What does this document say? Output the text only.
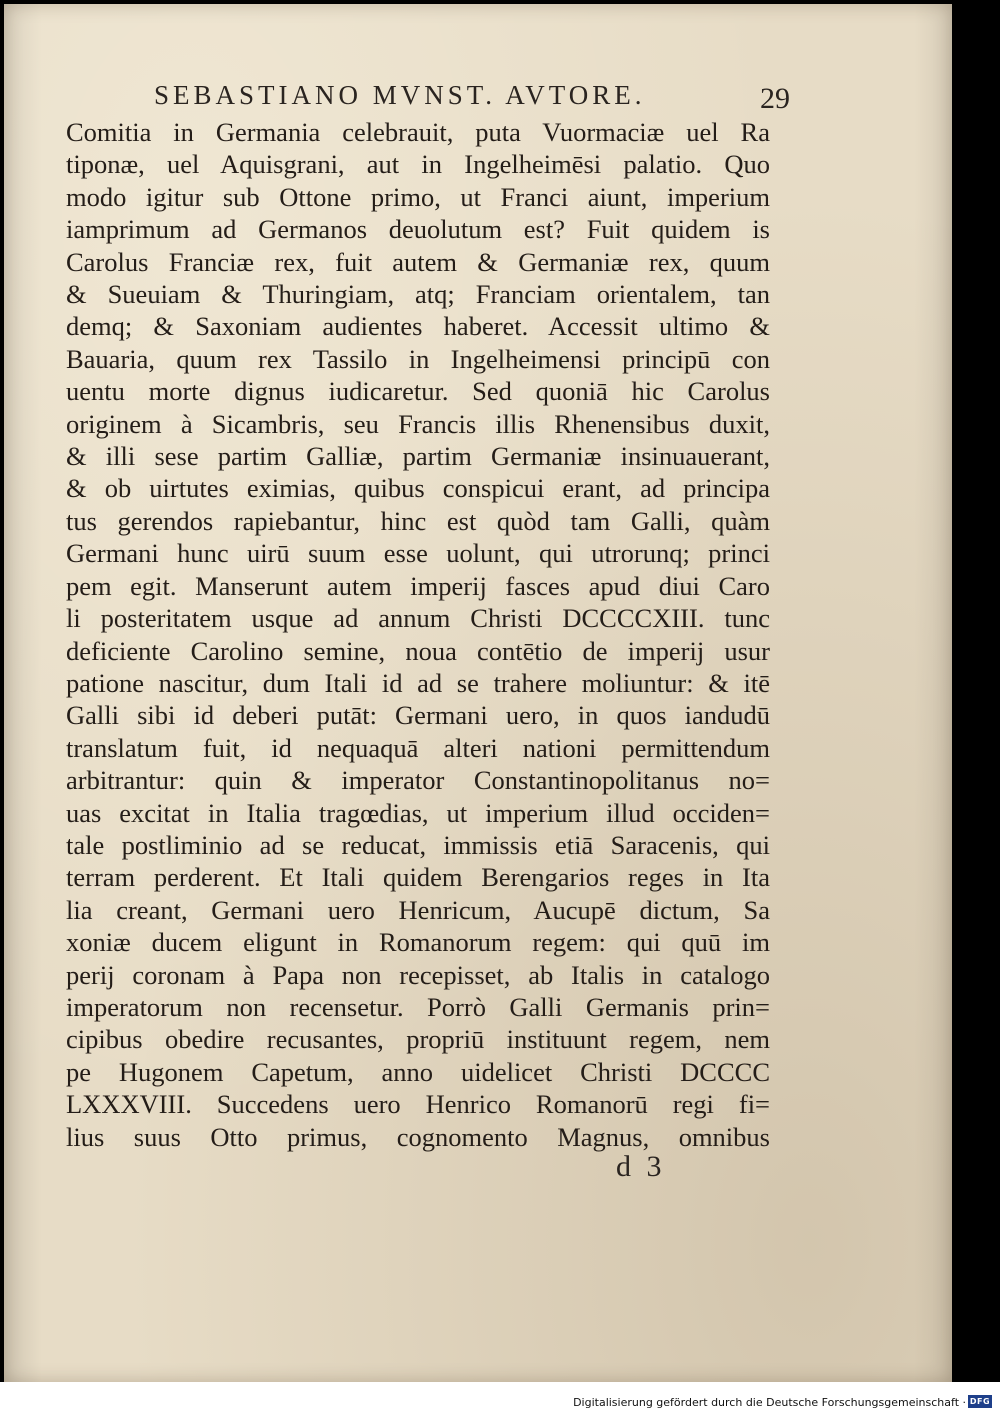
SEBASTIANO MVNST. AVTORE.	29
Comitia in Germania celebrauit, puta Vuormaciæ uel Ra
tiponæ, uel Aquisgrani, aut in Ingelheimēsi palatio. Quo
modo igitur sub Ottone primo, ut Franci aiunt, imperium
iamprimum ad Germanos deuolutum est? Fuit quidem is
Carolus Franciæ rex, fuit autem & Germaniæ rex, quum
& Sueuiam & Thuringiam, atq; Franciam orientalem, tan
demq; & Saxoniam audientes haberet. Accessit ultimo &
Bauaria, quum rex Tassilo in Ingelheimensi principū con
uentu morte dignus iudicaretur. Sed quoniā hic Carolus
originem à Sicambris, seu Francis illis Rhenensibus duxit,
& illi sese partim Galliæ, partim Germaniæ insinuauerant,
& ob uirtutes eximias, quibus conspicui erant, ad principa
tus gerendos rapiebantur, hinc est quòd tam Galli, quàm
Germani hunc uirū suum esse uolunt, qui utrorunq; princi
pem egit. Manserunt autem imperij fasces apud diui Caro
li posteritatem usque ad annum Christi DCCCCXIII. tunc
deficiente Carolino semine, noua contētio de imperij usur
patione nascitur, dum Itali id ad se trahere moliuntur: & itē
Galli sibi id deberi putāt: Germani uero, in quos iandudū
translatum fuit, id nequaquā alteri nationi permittendum
arbitrantur: quin & imperator Constantinopolitanus no=
uas excitat in Italia tragœdias, ut imperium illud occiden=
tale postliminio ad se reducat, immissis etiā Saracenis, qui
terram perderent. Et Itali quidem Berengarios reges in Ita
lia creant, Germani uero Henricum, Aucupē dictum, Sa
xoniæ ducem eligunt in Romanorum regem: qui quū im
perij coronam à Papa non recepisset, ab Italis in catalogo
imperatorum non recensetur. Porrò Galli Germanis prin=
cipibus obedire recusantes, propriū instituunt regem, nem
pe Hugonem Capetum, anno uidelicet Christi DCCCC
LXXXVIII. Succedens uero Henrico Romanorū regi fi=
lius suus Otto primus, cognomento Magnus, omnibus
d 3
Digitalisierung gefördert durch die Deutsche Forschungsgemeinschaft · DFG
